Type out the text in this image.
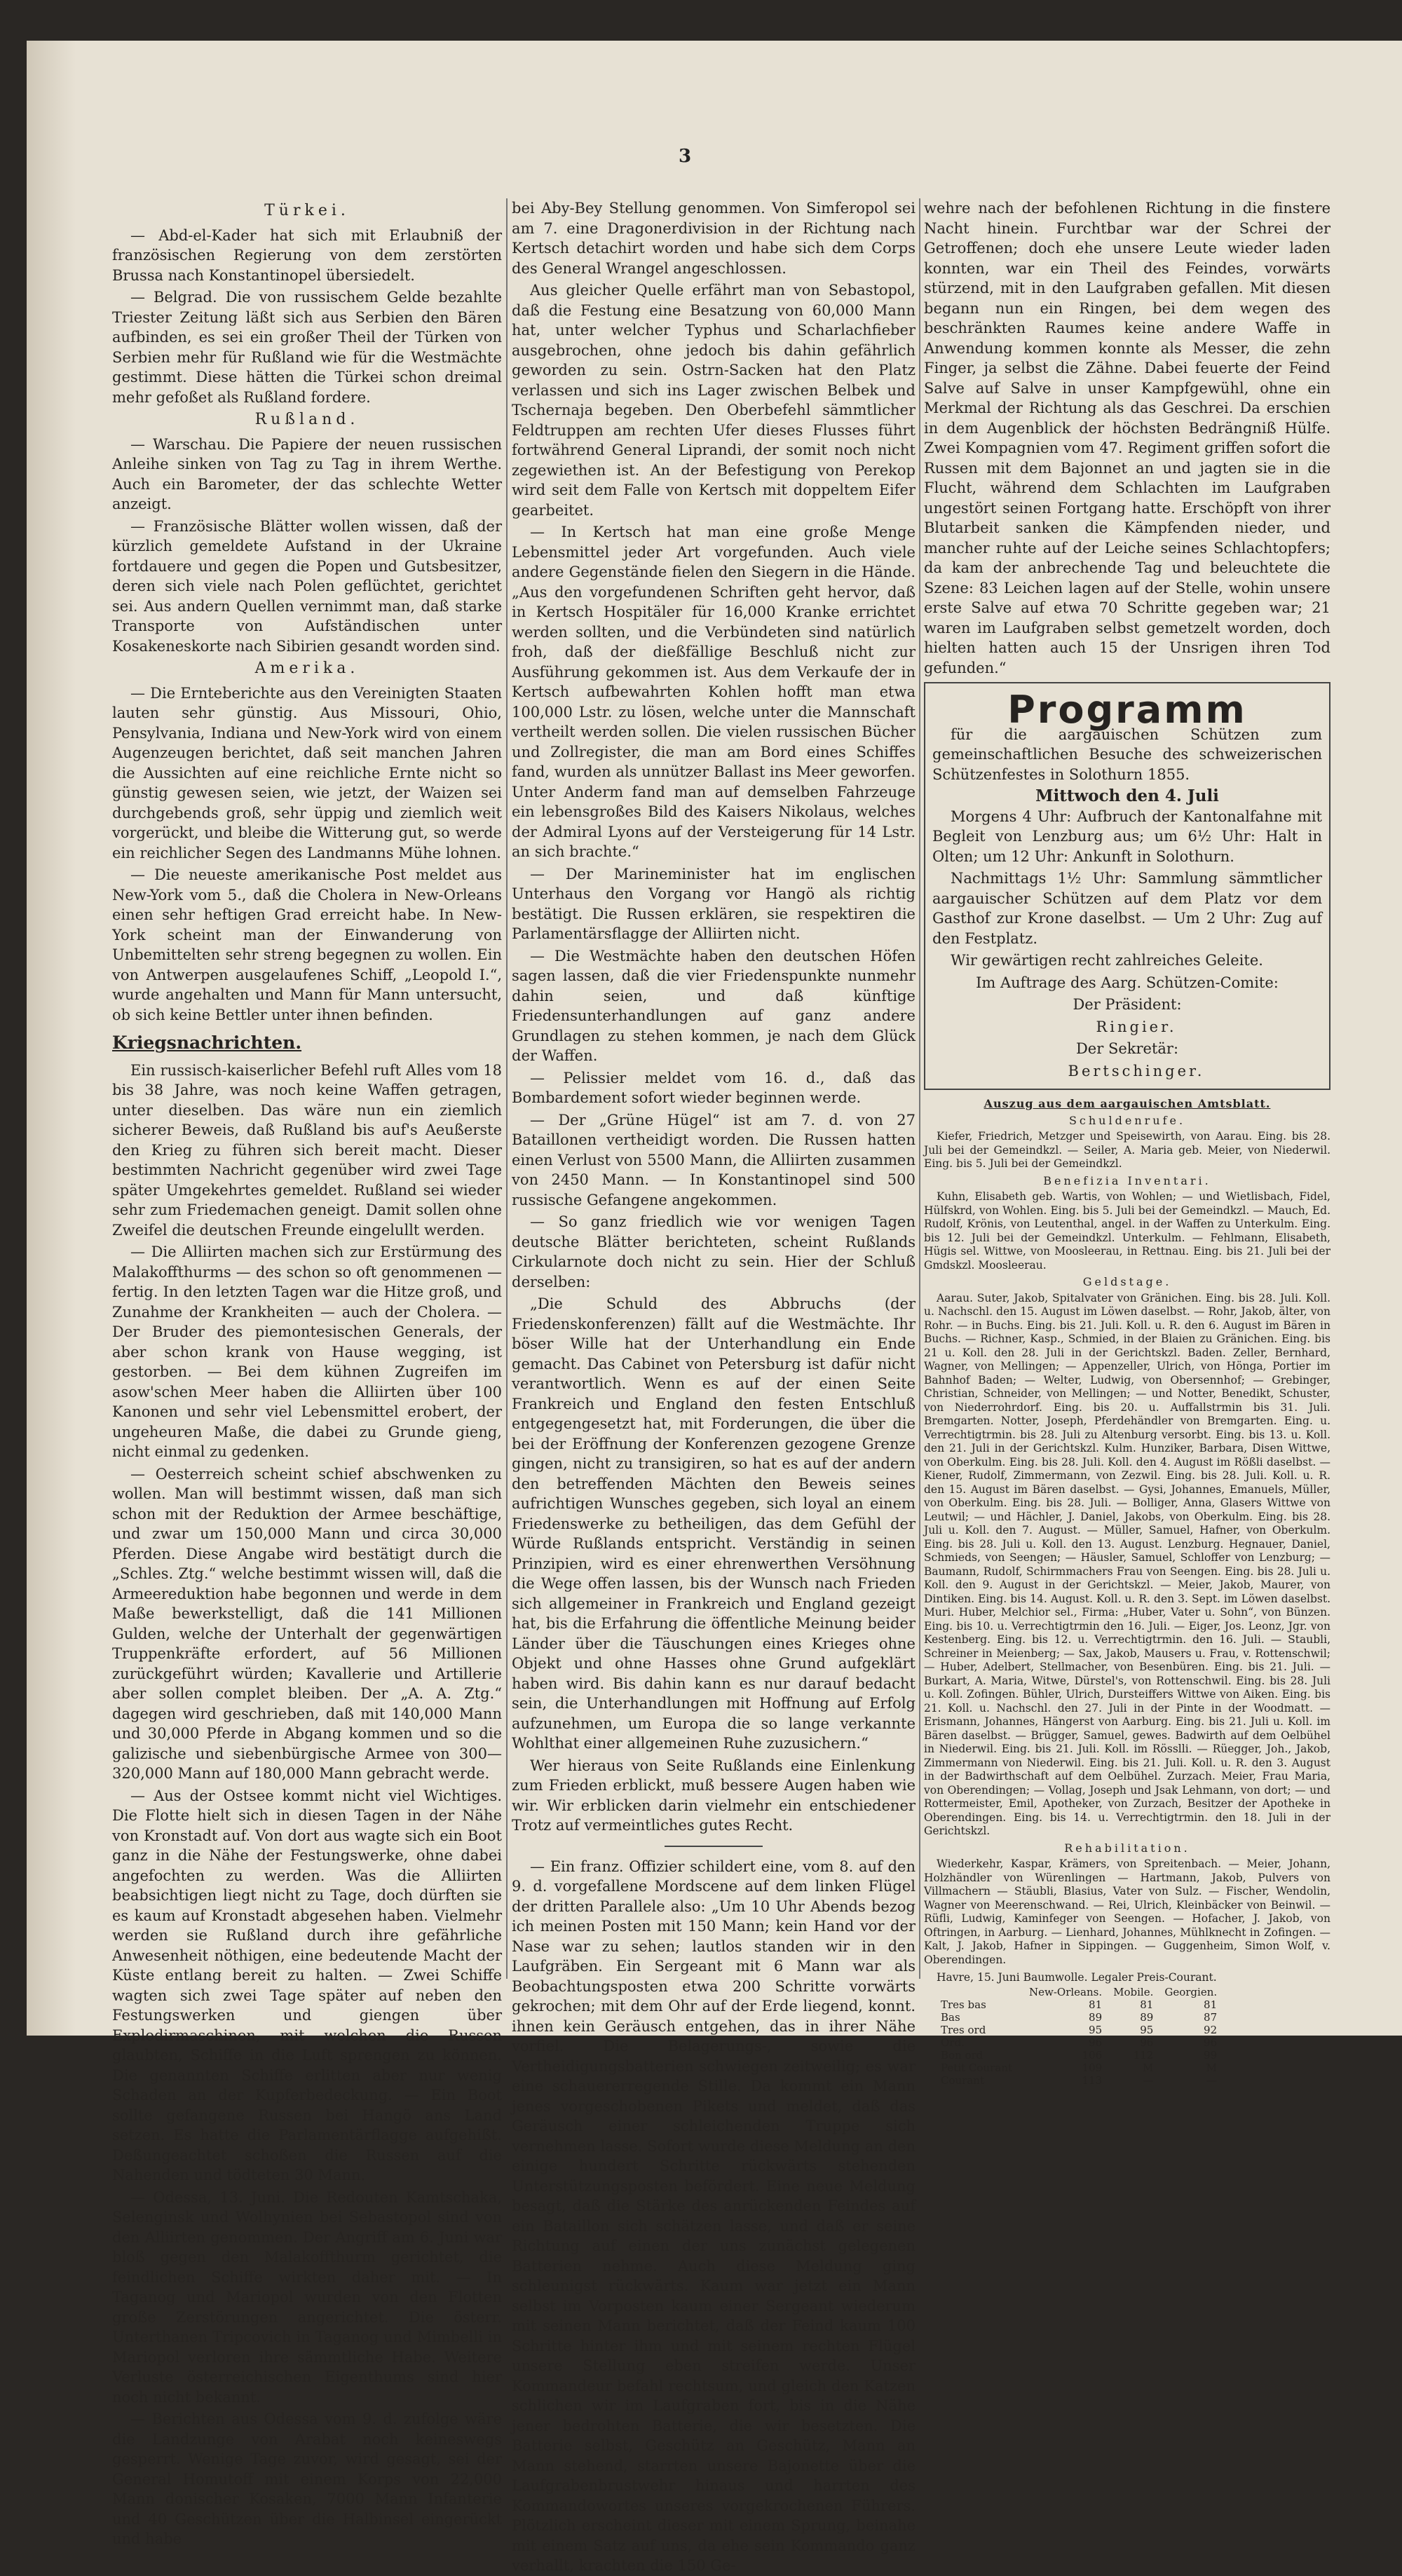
3
Türkei.

— Abd-el-Kader hat sich mit Erlaubniß der französischen Regierung von dem zerstörten Brussa nach Konstantinopel übersiedelt.

— Belgrad. Die von russischem Gelde bezahlte Triester Zeitung läßt sich aus Serbien den Bären aufbinden, es sei ein großer Theil der Türken von Serbien mehr für Rußland wie für die Westmächte gestimmt. Diese hätten die Türkei schon dreimal mehr gefoßet als Rußland fordere.

Rußland.

— Warschau. Die Papiere der neuen russischen Anleihe sinken von Tag zu Tag in ihrem Werthe. Auch ein Barometer, der das schlechte Wetter anzeigt.

— Französische Blätter wollen wissen, daß der kürzlich gemeldete Aufstand in der Ukraine fortdauere und gegen die Popen und Gutsbesitzer, deren sich viele nach Polen geflüchtet, gerichtet sei. Aus andern Quellen vernimmt man, daß starke Transporte von Aufständischen unter Kosakeneskorte nach Sibirien gesandt worden sind.

Amerika.

— Die Ernteberichte aus den Vereinigten Staaten lauten sehr günstig. Aus Missouri, Ohio, Pensylvania, Indiana und New-York wird von einem Augenzeugen berichtet, daß seit manchen Jahren die Aussichten auf eine reichliche Ernte nicht so günstig gewesen seien, wie jetzt, der Waizen sei durchgebends groß, sehr üppig und ziemlich weit vorgerückt, und bleibe die Witterung gut, so werde ein reichlicher Segen des Landmanns Mühe lohnen.

— Die neueste amerikanische Post meldet aus New-York vom 5., daß die Cholera in New-Orleans einen sehr heftigen Grad erreicht habe. In New-York scheint man der Einwanderung von Unbemittelten sehr streng begegnen zu wollen. Ein von Antwerpen ausgelaufenes Schiff, „Leopold I.“, wurde angehalten und Mann für Mann untersucht, ob sich keine Bettler unter ihnen befinden.

Kriegsnachrichten.

Ein russisch-kaiserlicher Befehl ruft Alles vom 18 bis 38 Jahre, was noch keine Waffen getragen, unter dieselben. Das wäre nun ein ziemlich sicherer Beweis, daß Rußland bis auf's Aeußerste den Krieg zu führen sich bereit macht. Dieser bestimmten Nachricht gegenüber wird zwei Tage später Umgekehrtes gemeldet. Rußland sei wieder sehr zum Friedemachen geneigt. Damit sollen ohne Zweifel die deutschen Freunde eingelullt werden.

— Die Alliirten machen sich zur Erstürmung des Malakoffthurms — des schon so oft genommenen — fertig. In den letzten Tagen war die Hitze groß, und Zunahme der Krankheiten — auch der Cholera. — Der Bruder des piemontesischen Generals, der aber schon krank von Hause wegging, ist gestorben. — Bei dem kühnen Zugreifen im asow'schen Meer haben die Alliirten über 100 Kanonen und sehr viel Lebensmittel erobert, der ungeheuren Maße, die dabei zu Grunde gieng, nicht einmal zu gedenken.

— Oesterreich scheint schief abschwenken zu wollen. Man will bestimmt wissen, daß man sich schon mit der Reduktion der Armee beschäftige, und zwar um 150,000 Mann und circa 30,000 Pferden. Diese Angabe wird bestätigt durch die „Schles. Ztg.“ welche bestimmt wissen will, daß die Armeereduktion habe begonnen und werde in dem Maße bewerkstelligt, daß die 141 Millionen Gulden, welche der Unterhalt der gegenwärtigen Truppenkräfte erfordert, auf 56 Millionen zurückgeführt würden; Kavallerie und Artillerie aber sollen complet bleiben. Der „A. A. Ztg.“ dagegen wird geschrieben, daß mit 140,000 Mann und 30,000 Pferde in Abgang kommen und so die galizische und siebenbürgische Armee von 300—320,000 Mann auf 180,000 Mann gebracht werde.

— Aus der Ostsee kommt nicht viel Wichtiges. Die Flotte hielt sich in diesen Tagen in der Nähe von Kronstadt auf. Von dort aus wagte sich ein Boot ganz in die Nähe der Festungswerke, ohne dabei angefochten zu werden. Was die Alliirten beabsichtigen liegt nicht zu Tage, doch dürften sie es kaum auf Kronstadt abgesehen haben. Vielmehr werden sie Rußland durch ihre gefährliche Anwesenheit nöthigen, eine bedeutende Macht der Küste entlang bereit zu halten. — Zwei Schiffe wagten sich zwei Tage später auf neben den Festungswerken und giengen über Explodirmaschinen, mit welchen die Russen glaubten, Schiffe in die Luft sprengen zu können. Die genannten Schiffe erlitten aber nur wenig Schaden an der Kupferbedeckung. — Ein Boot sollte gefangene Russen bei Hangö ans Land setzen. Es hatte die Parlamentärflagge aufgehißt. Deßungeachtet schoßen die Russen auf die Nahenden und tödteten 30 Mann.

— Odessa, 13. Juni. Die Redouten Kamtschaka, Selenginsk und Wolhynien bei Sebastopol sind von den Alliirten genommen. Der Angriff am 6. Juni war bloß gegen den Malakoffthurm gerichtet, die feindlichen Schiffe wirkten daher mit. — In Taganog und Mariopol wurden von den Flotten große Zerstörungen angerichtet. Die österr. Unterthanen Tripcovich in Taganog und Mimbelli in Mariopol verloren ihre sämmtliche Habe. Weitere Verluste österreichischen Eigenthums sind hier noch nicht bekannt.

— Berichten aus Odessa vom 9. d. zufolge wäre die Landzunge von Arabat noch keineswegs gesperrt. Wenige Tage zuvor, wird gesagt, sei der General Homutoff mit einem Korps von 22,000 Mann donischer Kosaken, 7000 Mann Infanterie und 40 Geschützen über die Halbinsel eingerückt und habe

bei Aby-Bey Stellung genommen. Von Simferopol sei am 7. eine Dragonerdivision in der Richtung nach Kertsch detachirt worden und habe sich dem Corps des General Wrangel angeschlossen.

Aus gleicher Quelle erfährt man von Sebastopol, daß die Festung eine Besatzung von 60,000 Mann hat, unter welcher Typhus und Scharlachfieber ausgebrochen, ohne jedoch bis dahin gefährlich geworden zu sein. Ostrn-Sacken hat den Platz verlassen und sich ins Lager zwischen Belbek und Tschernaja begeben. Den Oberbefehl sämmtlicher Feldtruppen am rechten Ufer dieses Flusses führt fortwährend General Liprandi, der somit noch nicht zegewiethen ist. An der Befestigung von Perekop wird seit dem Falle von Kertsch mit doppeltem Eifer gearbeitet.

— In Kertsch hat man eine große Menge Lebensmittel jeder Art vorgefunden. Auch viele andere Gegenstände fielen den Siegern in die Hände. „Aus den vorgefundenen Schriften geht hervor, daß in Kertsch Hospitäler für 16,000 Kranke errichtet werden sollten, und die Verbündeten sind natürlich froh, daß der dießfällige Beschluß nicht zur Ausführung gekommen ist. Aus dem Verkaufe der in Kertsch aufbewahrten Kohlen hofft man etwa 100,000 Lstr. zu lösen, welche unter die Mannschaft vertheilt werden sollen. Die vielen russischen Bücher und Zollregister, die man am Bord eines Schiffes fand, wurden als unnützer Ballast ins Meer geworfen. Unter Anderm fand man auf demselben Fahrzeuge ein lebensgroßes Bild des Kaisers Nikolaus, welches der Admiral Lyons auf der Versteigerung für 14 Lstr. an sich brachte.“

— Der Marineminister hat im englischen Unterhaus den Vorgang vor Hangö als richtig bestätigt. Die Russen erklären, sie respektiren die Parlamentärsflagge der Alliirten nicht.

— Die Westmächte haben den deutschen Höfen sagen lassen, daß die vier Friedenspunkte nunmehr dahin seien, und daß künftige Friedensunterhandlungen auf ganz andere Grundlagen zu stehen kommen, je nach dem Glück der Waffen.

— Pelissier meldet vom 16. d., daß das Bombardement sofort wieder beginnen werde.

— Der „Grüne Hügel“ ist am 7. d. von 27 Bataillonen vertheidigt worden. Die Russen hatten einen Verlust von 5500 Mann, die Alliirten zusammen von 2450 Mann. — In Konstantinopel sind 500 russische Gefangene angekommen.

— So ganz friedlich wie vor wenigen Tagen deutsche Blätter berichteten, scheint Rußlands Cirkularnote doch nicht zu sein. Hier der Schluß derselben:

„Die Schuld des Abbruchs (der Friedenskonferenzen) fällt auf die Westmächte. Ihr böser Wille hat der Unterhandlung ein Ende gemacht. Das Cabinet von Petersburg ist dafür nicht verantwortlich. Wenn es auf der einen Seite Frankreich und England den festen Entschluß entgegengesetzt hat, mit Forderungen, die über die bei der Eröffnung der Konferenzen gezogene Grenze gingen, nicht zu transigiren, so hat es auf der andern den betreffenden Mächten den Beweis seines aufrichtigen Wunsches gegeben, sich loyal an einem Friedenswerke zu betheiligen, das dem Gefühl der Würde Rußlands entspricht. Verständig in seinen Prinzipien, wird es einer ehrenwerthen Versöhnung die Wege offen lassen, bis der Wunsch nach Frieden sich allgemeiner in Frankreich und England gezeigt hat, bis die Erfahrung die öffentliche Meinung beider Länder über die Täuschungen eines Krieges ohne Objekt und ohne Hasses ohne Grund aufgeklärt haben wird. Bis dahin kann es nur darauf bedacht sein, die Unterhandlungen mit Hoffnung auf Erfolg aufzunehmen, um Europa die so lange verkannte Wohlthat einer allgemeinen Ruhe zuzusichern.“

Wer hieraus von Seite Rußlands eine Einlenkung zum Frieden erblickt, muß bessere Augen haben wie wir. Wir erblicken darin vielmehr ein entschiedener Trotz auf vermeintliches gutes Recht.

— Ein franz. Offizier schildert eine, vom 8. auf den 9. d. vorgefallene Mordscene auf dem linken Flügel der dritten Parallele also: „Um 10 Uhr Abends bezog ich meinen Posten mit 150 Mann; kein Hand vor der Nase war zu sehen; lautlos standen wir in den Laufgräben. Ein Sergeant mit 6 Mann war als Beobachtungsposten etwa 200 Schritte vorwärts gekrochen; mit dem Ohr auf der Erde liegend, konnt. ihnen kein Geräusch entgehen, das in ihrer Nähe vorfiel. Die Belagerungs-, sowie die Vertheidigungsbatterien schwiegen zeitweilig; es war eine schauererregende Stille. Da kommt ein Mann jenes vorgeschobenen Pikets und meldet, daß das Geräusch einer schleichenden Truppe sich vernehmen lasse. Sofort wurde diese Meldung an den einige hundert Schritte rückwärts stehenden Unterstützungsposten befördert. Eine neue Meldung besagt, daß die Stärke des anrückenden Feindes auf ein Bataillon sich schätzen lasse, und daß er seine Richtung auf einen der uns zunächst gelegenen Batterien nehme. Auch diese Meldung ging schleunigst rückwärts. Kaum war jetzt ein Mann selbst im Vorposten kaum einer Sergeant wiederum mit seinen Mann berichtet, daß der Feind kaum 100 Schritte hinter ihm und mit seinem rechten Flügel unsere Stellung eben streifen werde. Unser Kommandeur befahl rechtsum, und gleich den Katzen schlichen wir im Laufgraben fort, bis in die Nähe jener bedrohten Batterie, die wir besetzten. Die Batterie selbst, Geschütz an Geschütz, Mann an Mann stehend, starrten unsere Bajonette über die Laufgrabenbrustwehr hinaus und harrten des Kommandowortes unseres vorgekrochenen Führers. Plötzlich erscheint dieser mit einem Sprung, beinahe mit einem Satz auf uns, da ehe sein Kommando ganz verhallt, krachten die 150 Ge-

wehre nach der befohlenen Richtung in die finstere Nacht hinein. Furchtbar war der Schrei der Getroffenen; doch ehe unsere Leute wieder laden konnten, war ein Theil des Feindes, vorwärts stürzend, mit in den Laufgraben gefallen. Mit diesen begann nun ein Ringen, bei dem wegen des beschränkten Raumes keine andere Waffe in Anwendung kommen konnte als Messer, die zehn Finger, ja selbst die Zähne. Dabei feuerte der Feind Salve auf Salve in unser Kampfgewühl, ohne ein Merkmal der Richtung als das Geschrei. Da erschien in dem Augenblick der höchsten Bedrängniß Hülfe. Zwei Kompagnien vom 47. Regiment griffen sofort die Russen mit dem Bajonnet an und jagten sie in die Flucht, während dem Schlachten im Laufgraben ungestört seinen Fortgang hatte. Erschöpft von ihrer Blutarbeit sanken die Kämpfenden nieder, und mancher ruhte auf der Leiche seines Schlachtopfers; da kam der anbrechende Tag und beleuchtete die Szene: 83 Leichen lagen auf der Stelle, wohin unsere erste Salve auf etwa 70 Schritte gegeben war; 21 waren im Laufgraben selbst gemetzelt worden, doch hielten hatten auch 15 der Unsrigen ihren Tod gefunden.“

Programm

für die aargauischen Schützen zum gemeinschaftlichen Besuche des schweizerischen Schützenfestes in Solothurn 1855.

Mittwoch den 4. Juli

Morgens 4 Uhr: Aufbruch der Kantonalfahne mit Begleit von Lenzburg aus; um 6½ Uhr: Halt in Olten; um 12 Uhr: Ankunft in Solothurn.

Nachmittags 1½ Uhr: Sammlung sämmtlicher aargauischer Schützen auf dem Platz vor dem Gasthof zur Krone daselbst. — Um 2 Uhr: Zug auf den Festplatz.

Wir gewärtigen recht zahlreiches Geleite.

Im Auftrage des Aarg. Schützen-Comite:

Der Präsident:

Ringier.

Der Sekretär:

Bertschinger.

Auszug aus dem aargauischen Amtsblatt.
Schuldenrufe.

Kiefer, Friedrich, Metzger und Speisewirth, von Aarau. Eing. bis 28. Juli bei der Gemeindkzl. — Seiler, A. Maria geb. Meier, von Niederwil. Eing. bis 5. Juli bei der Gemeindkzl.

Benefizia Inventari.

Kuhn, Elisabeth geb. Wartis, von Wohlen; — und Wietlisbach, Fidel, Hülfskrd, von Wohlen. Eing. bis 5. Juli bei der Gemeindkzl. — Mauch, Ed. Rudolf, Krönis, von Leutenthal, angel. in der Waffen zu Unterkulm. Eing. bis 12. Juli bei der Gemeindkzl. Unterkulm. — Fehlmann, Elisabeth, Hügis sel. Wittwe, von Moosleerau, in Rettnau. Eing. bis 21. Juli bei der Gmdskzl. Moosleerau.

Geldstage.

Aarau. Suter, Jakob, Spitalvater von Gränichen. Eing. bis 28. Juli. Koll. u. Nachschl. den 15. August im Löwen daselbst. — Rohr, Jakob, älter, von Rohr. — in Buchs. Eing. bis 21. Juli. Koll. u. R. den 6. August im Bären in Buchs. — Richner, Kasp., Schmied, in der Blaien zu Gränichen. Eing. bis 21 u. Koll. den 28. Juli in der Gerichtskzl. Baden. Zeller, Bernhard, Wagner, von Mellingen; — Appenzeller, Ulrich, von Hönga, Portier im Bahnhof Baden; — Welter, Ludwig, von Obersennhof; — Grebinger, Christian, Schneider, von Mellingen; — und Notter, Benedikt, Schuster, von Niederrohrdorf. Eing. bis 20. u. Auffallstrmin bis 31. Juli. Bremgarten. Notter, Joseph, Pferdehändler von Bremgarten. Eing. u. Verrechtigtrmin. bis 28. Juli zu Altenburg versorbt. Eing. bis 13. u. Koll. den 21. Juli in der Gerichtskzl. Kulm. Hunziker, Barbara, Disen Wittwe, von Oberkulm. Eing. bis 28. Juli. Koll. den 4. August im Rößli daselbst. — Kiener, Rudolf, Zimmermann, von Zezwil. Eing. bis 28. Juli. Koll. u. R. den 15. August im Bären daselbst. — Gysi, Johannes, Emanuels, Müller, von Oberkulm. Eing. bis 28. Juli. — Bolliger, Anna, Glasers Wittwe von Leutwil; — und Hächler, J. Daniel, Jakobs, von Oberkulm. Eing. bis 28. Juli u. Koll. den 7. August. — Müller, Samuel, Hafner, von Oberkulm. Eing. bis 28. Juli u. Koll. den 13. August. Lenzburg. Hegnauer, Daniel, Schmieds, von Seengen; — Häusler, Samuel, Schloffer von Lenzburg; — Baumann, Rudolf, Schirmmachers Frau von Seengen. Eing. bis 28. Juli u. Koll. den 9. August in der Gerichtskzl. — Meier, Jakob, Maurer, von Dintiken. Eing. bis 14. August. Koll. u. R. den 3. Sept. im Löwen daselbst. Muri. Huber, Melchior sel., Firma: „Huber, Vater u. Sohn“, von Bünzen. Eing. bis 10. u. Verrechtigtrmin den 16. Juli. — Eiger, Jos. Leonz, Jgr. von Kestenberg. Eing. bis 12. u. Verrechtigtrmin. den 16. Juli. — Staubli, Schreiner in Meienberg; — Sax, Jakob, Mausers u. Frau, v. Rottenschwil; — Huber, Adelbert, Stellmacher, von Besenbüren. Eing. bis 21. Juli. — Burkart, A. Maria, Witwe, Dürstel's, von Rottenschwil. Eing. bis 28. Juli u. Koll. Zofingen. Bühler, Ulrich, Dursteiffers Wittwe von Aiken. Eing. bis 21. Koll. u. Nachschl. den 27. Juli in der Pinte in der Woodmatt. — Erismann, Johannes, Hängerst von Aarburg. Eing. bis 21. Juli u. Koll. im Bären daselbst. — Brügger, Samuel, gewes. Badwirth auf dem Oelbühel in Niederwil. Eing. bis 21. Juli. Koll. im Rösslli. — Rüegger, Joh., Jakob, Zimmermann von Niederwil. Eing. bis 21. Juli. Koll. u. R. den 3. August in der Badwirthschaft auf dem Oelbühel. Zurzach. Meier, Frau Maria, von Oberendingen; — Vollag, Joseph und Jsak Lehmann, von dort; — und Rottermeister, Emil, Apotheker, von Zurzach, Besitzer der Apotheke in Oberendingen. Eing. bis 14. u. Verrechtigtrmin. den 18. Juli in der Gerichtskzl.

Rehabilitation.

Wiederkehr, Kaspar, Krämers, von Spreitenbach. — Meier, Johann, Holzhändler von Würenlingen — Hartmann, Jakob, Pulvers von Villmachern — Stäubli, Blasius, Vater von Sulz. — Fischer, Wendolin, Wagner von Meerenschwand. — Rei, Ulrich, Kleinbäcker von Beinwil. — Rüfli, Ludwig, Kaminfeger von Seengen. — Hofacher, J. Jakob, von Oftringen, in Aarburg. — Lienhard, Johannes, Mühlknecht in Zofingen. — Kalt, J. Jakob, Hafner in Sippingen. — Guggenheim, Simon Wolf, v. Oberendingen.

Havre, 15. Juni Baumwolle. Legaler Preis-Courant.

	New-Orleans.	Mobile.	Georgien.
Tres bas	81	81	81
Bas	89	89	87
Tres ord	95	95	92
Ord.	96	96	96
Bon ord	106	112	99
Petit Courant	109	M	M
Courant	113	—	—
